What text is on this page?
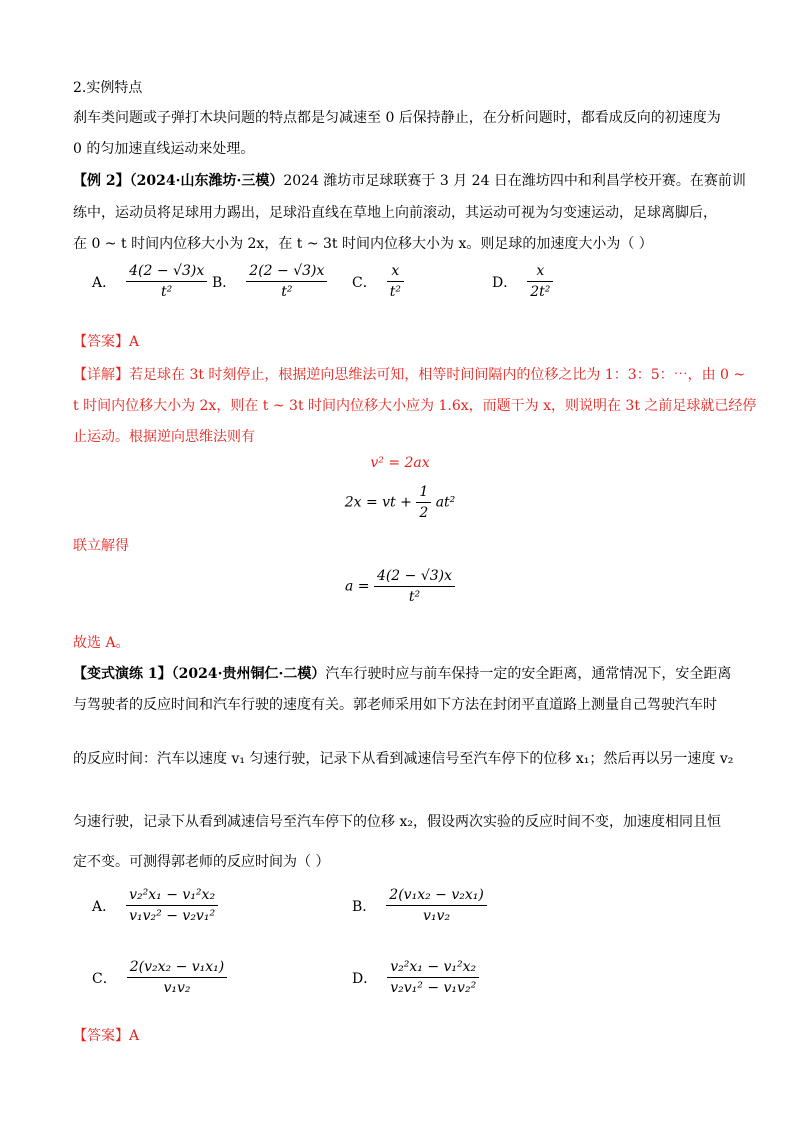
2.实例特点
刹车类问题或子弹打木块问题的特点都是匀减速至 0 后保持静止，在分析问题时，都看成反向的初速度为
0 的匀加速直线运动来处理。
【例 2】（2024·山东潍坊·三模）2024 潍坊市足球联赛于 3 月 24 日在潍坊四中和利昌学校开赛。在赛前训
练中，运动员将足球用力踢出，足球沿直线在草地上向前滚动，其运动可视为匀变速运动，足球离脚后，
在 0 ~ t 时间内位移大小为 2x，在 t ~ 3t 时间内位移大小为 x。则足球的加速度大小为（ ）
A． $\frac{4(2 - √3)x}{\text{t²}}$ B． $\frac{2(2 - √3)x}{\text{t²}}$ C． $\frac{x}{\text{t²}}$	D． $\frac{x}{\text{2t²}}$
【答案】A
【详解】若足球在 3t 时刻停止，根据逆向思维法可知，相等时间间隔内的位移之比为 1：3：5：⋯，由 0 ~
t 时间内位移大小为 2x，则在 t ~ 3t 时间内位移大小应为 1.6x，而题干为 x，则说明在 3t 之前足球就已经停
止运动。根据逆向思维法则有
v² = 2ax
2x = vt + $\frac{1}{2} at^2$
联立解得
$a = \frac{4(2 - √3)x}{\text{t²}}$
故选 A。
【变式演练 1】（2024·贵州铜仁·二模）汽车行驶时应与前车保持一定的安全距离，通常情况下，安全距离
与驾驶者的反应时间和汽车行驶的速度有关。郭老师采用如下方法在封闭平直道路上测量自己驾驶汽车时
的反应时间：汽车以速度 v₁ 匀速行驶，记录下从看到减速信号至汽车停下的位移 x₁；然后再以另一速度 v₂
匀速行驶，记录下从看到减速信号至汽车停下的位移 x₂，假设两次实验的反应时间不变，加速度相同且恒
定不变。可测得郭老师的反应时间为（ ）
A． $\frac{\text{v₂²x₁ − v₁²x₂}}{\text{v₁v₂² − v₂v₁²}}$	B． $\frac{\text{2(v₁x₂ − v₂x₁)}}{\text{v₁v₂}}$
C． $\frac{\text{2(v₂x₂ − v₁x₁)}}{\text{v₁v₂}}$	D． $\frac{\text{v₂²x₁ − v₁²x₂}}{\text{v₂v₁² − v₁v₂²}}$
【答案】A
